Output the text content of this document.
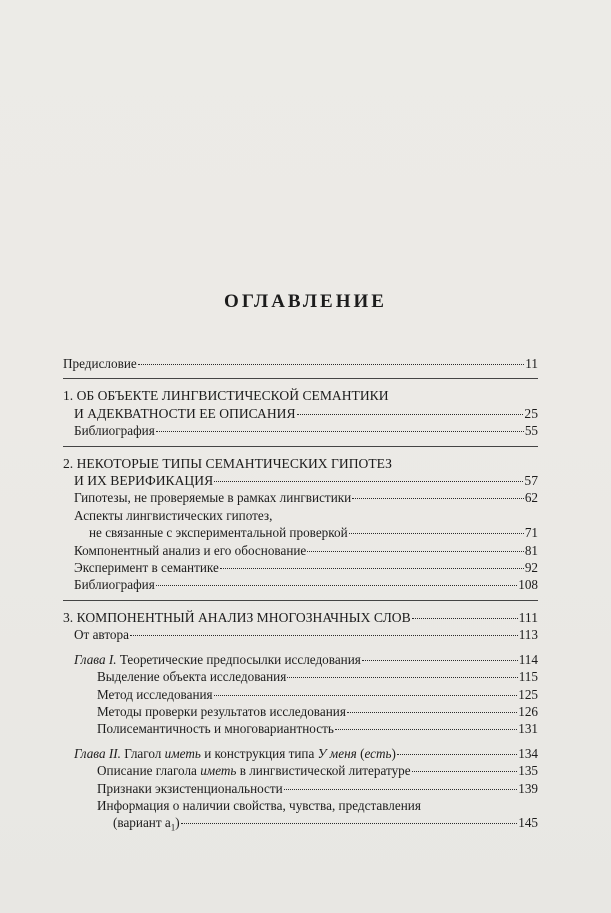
ОГЛАВЛЕНИЕ
Предисловие	11
1. ОБ ОБЪЕКТЕ ЛИНГВИСТИЧЕСКОЙ СЕМАНТИКИ
И АДЕКВАТНОСТИ ЕЕ ОПИСАНИЯ	25
Библиография	55
2. НЕКОТОРЫЕ ТИПЫ СЕМАНТИЧЕСКИХ ГИПОТЕЗ
И ИХ ВЕРИФИКАЦИЯ	57
Гипотезы, не проверяемые в рамках лингвистики	62
Аспекты лингвистических гипотез,
не связанные с экспериментальной проверкой	71
Компонентный анализ и его обоснование	81
Эксперимент в семантике	92
Библиография	108
3. КОМПОНЕНТНЫЙ АНАЛИЗ МНОГОЗНАЧНЫХ СЛОВ	111
От автора	113
Глава I. Теоретические предпосылки исследования	114
Выделение объекта исследования	115
Метод исследования	125
Методы проверки результатов исследования	126
Полисемантичность и многовариантность	131
Глава II. Глагол иметь и конструкция типа У меня (есть)	134
Описание глагола иметь в лингвистической литературе	135
Признаки экзистенциональности	139
Информация о наличии свойства, чувства, представления
(вариант $а_1$)	145
